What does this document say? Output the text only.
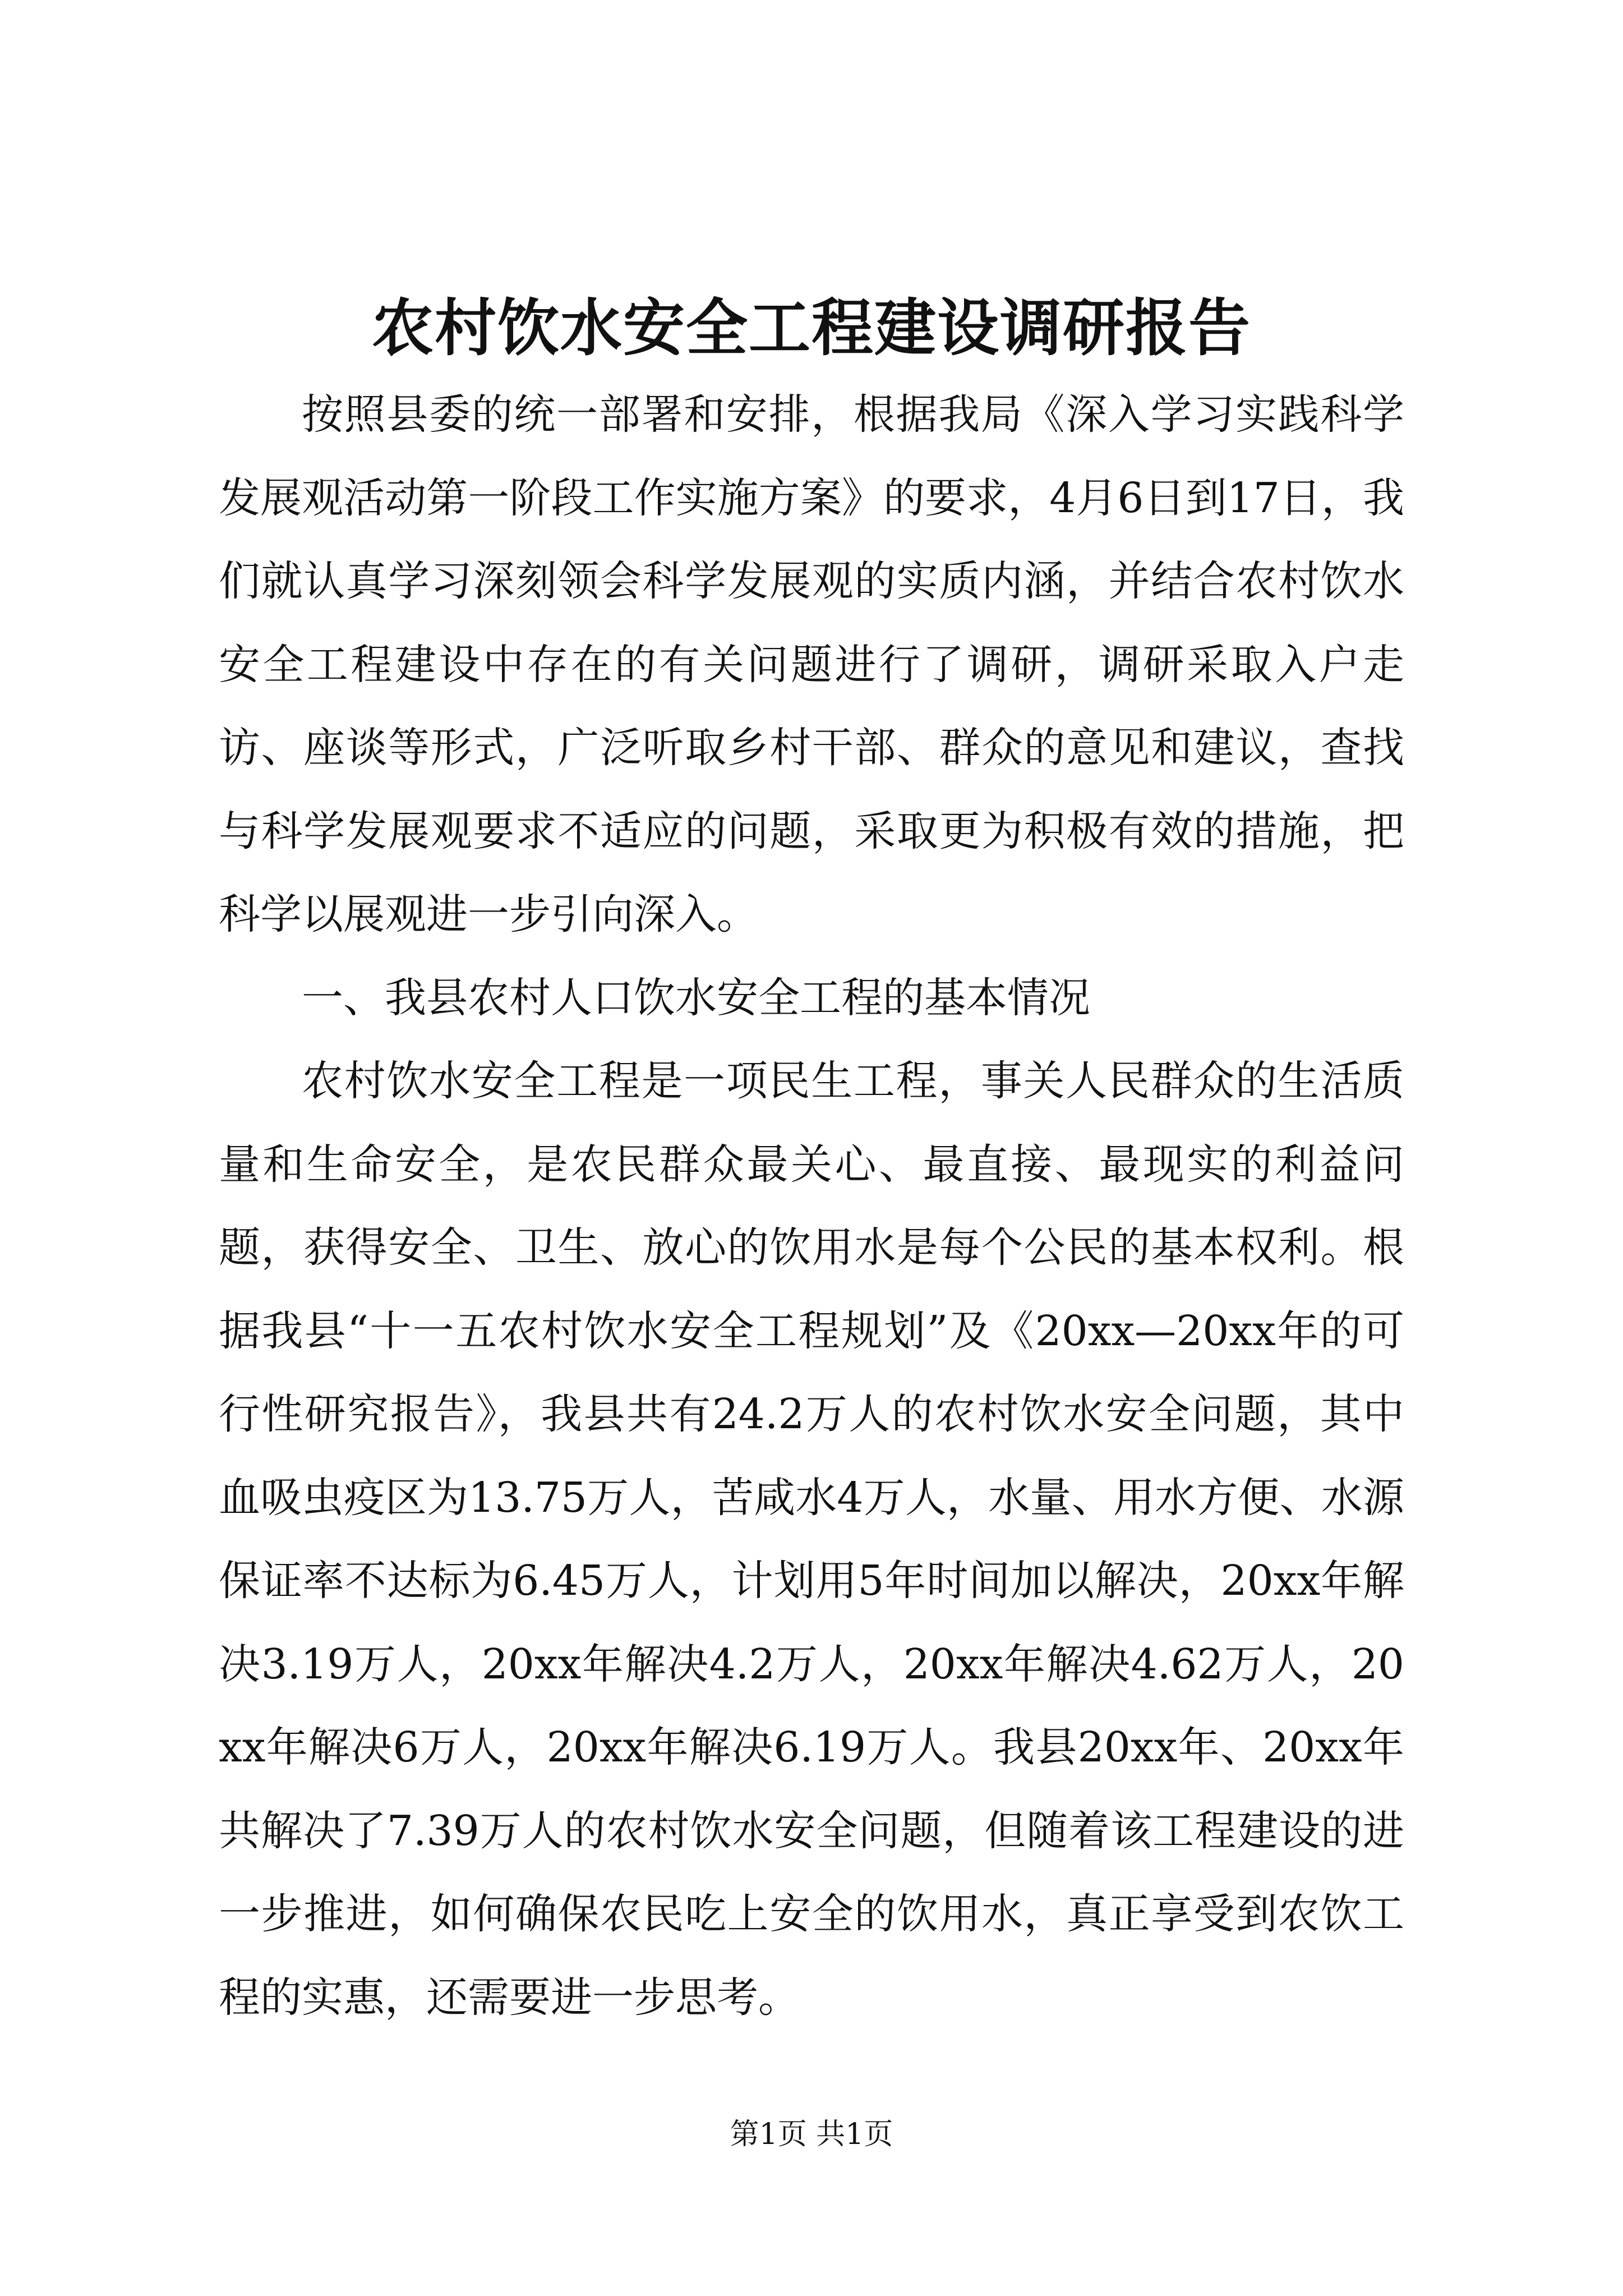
农村饮水安全工程建设调研报告

按照县委的统一部署和安排，根据我局《深入学习实践科学发展观活动第一阶段工作实施方案》的要求，4月6日到17日，我们就认真学习深刻领会科学发展观的实质内涵，并结合农村饮水安全工程建设中存在的有关问题进行了调研，调研采取入户走访、座谈等形式，广泛听取乡村干部、群众的意见和建议，查找与科学发展观要求不适应的问题，采取更为积极有效的措施，把科学以展观进一步引向深入。

一、我县农村人口饮水安全工程的基本情况

农村饮水安全工程是一项民生工程，事关人民群众的生活质量和生命安全，是农民群众最关心、最直接、最现实的利益问题，获得安全、卫生、放心的饮用水是每个公民的基本权利。根据我县“十一五农村饮水安全工程规划”及《20xx—20xx年的可行性研究报告》，我县共有24.2万人的农村饮水安全问题，其中血吸虫疫区为13.75万人，苦咸水4万人，水量、用水方便、水源保证率不达标为6.45万人，计划用5年时间加以解决，20xx年解决3.19万人，20xx年解决4.2万人，20xx年解决4.62万人，20xx年解决6万人，20xx年解决6.19万人。我县20xx年、20xx年共解决了7.39万人的农村饮水安全问题，但随着该工程建设的进一步推进，如何确保农民吃上安全的饮用水，真正享受到农饮工程的实惠，还需要进一步思考。

第1页 共1页
